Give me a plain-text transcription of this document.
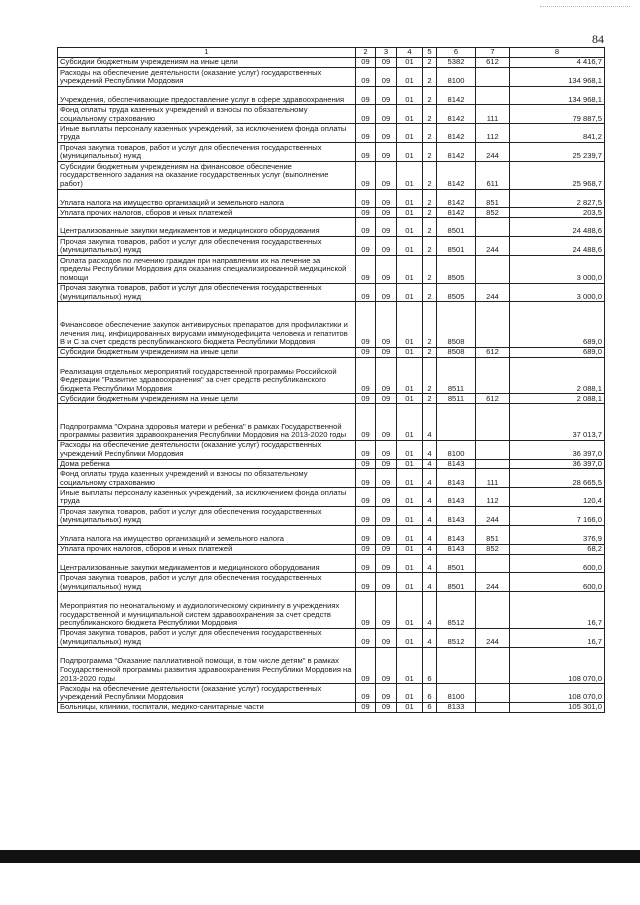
84
1	2	3	4	5	6	7	8
Субсидии бюджетным учреждениям на иные цели	09	09	01	2	5382	612	4 416,7
Расходы на обеспечение деятельности (оказание услуг) государственных учреждений Республики Мордовия	09	09	01	2	8100		134 968,1
Учреждения, обеспечивающие предоставление услуг в сфере здравоохранения	09	09	01	2	8142		134 968,1
Фонд оплаты труда казенных учреждений и взносы по обязательному социальному страхованию	09	09	01	2	8142	111	79 887,5
Иные выплаты персоналу казенных учреждений, за исключением фонда оплаты труда	09	09	01	2	8142	112	841,2
Прочая закупка товаров, работ и услуг для обеспечения государственных (муниципальных) нужд	09	09	01	2	8142	244	25 239,7
Субсидии бюджетным учреждениям на финансовое обеспечение государственного задания на оказание государственных услуг (выполнение работ)	09	09	01	2	8142	611	25 968,7
Уплата налога на имущество организаций и земельного налога	09	09	01	2	8142	851	2 827,5
Уплата прочих налогов, сборов и иных платежей	09	09	01	2	8142	852	203,5
Централизованные закупки медикаментов и медицинского оборудования	09	09	01	2	8501		24 488,6
Прочая закупка товаров, работ и услуг для обеспечения государственных (муниципальных) нужд	09	09	01	2	8501	244	24 488,6
Оплата расходов по лечению граждан при направлении их на лечение за пределы Республики Мордовия для оказания специализированной медицинской помощи	09	09	01	2	8505		3 000,0
Прочая закупка товаров, работ и услуг для обеспечения государственных (муниципальных) нужд	09	09	01	2	8505	244	3 000,0
Финансовое обеспечение закупок антивирусных препаратов для профилактики и лечения лиц, инфицированных вирусами иммунодефицита человека и гепатитов В и С за счет средств республиканского бюджета Республики Мордовия	09	09	01	2	8508		689,0
Субсидии бюджетным учреждениям на иные цели	09	09	01	2	8508	612	689,0
Реализация отдельных мероприятий государственной программы Российской Федерации "Развитие здравоохранения" за счет средств республиканского бюджета Республики Мордовия	09	09	01	2	8511		2 088,1
Субсидии бюджетным учреждениям на иные цели	09	09	01	2	8511	612	2 088,1
Подпрограмма "Охрана здоровья матери и ребенка" в рамках Государственной программы развития здравоохранения Республики Мордовия на 2013-2020 годы	09	09	01	4			37 013,7
Расходы на обеспечение деятельности (оказание услуг) государственных учреждений Республики Мордовия	09	09	01	4	8100		36 397,0
Дома ребенка	09	09	01	4	8143		36 397,0
Фонд оплаты труда казенных учреждений и взносы по обязательному социальному страхованию	09	09	01	4	8143	111	28 665,5
Иные выплаты персоналу казенных учреждений, за исключением фонда оплаты труда	09	09	01	4	8143	112	120,4
Прочая закупка товаров, работ и услуг для обеспечения государственных (муниципальных) нужд	09	09	01	4	8143	244	7 166,0
Уплата налога на имущество организаций и земельного налога	09	09	01	4	8143	851	376,9
Уплата прочих налогов, сборов и иных платежей	09	09	01	4	8143	852	68,2
Централизованные закупки медикаментов и медицинского оборудования	09	09	01	4	8501		600,0
Прочая закупка товаров, работ и услуг для обеспечения государственных (муниципальных) нужд	09	09	01	4	8501	244	600,0
Мероприятия по неонатальному и аудиологическому скринингу в учреждениях государственной и муниципальной систем здравоохранения за счет средств республиканского бюджета Республики Мордовия	09	09	01	4	8512		16,7
Прочая закупка товаров, работ и услуг для обеспечения государственных (муниципальных) нужд	09	09	01	4	8512	244	16,7
Подпрограмма "Оказание паллиативной помощи, в том числе детям" в рамках Государственной программы развития здравоохранения Республики Мордовия на 2013-2020 годы	09	09	01	6			108 070,0
Расходы на обеспечение деятельности (оказание услуг) государственных учреждений Республики Мордовия	09	09	01	6	8100		108 070,0
Больницы, клиники, госпитали, медико-санитарные части	09	09	01	6	8133		105 301,0
